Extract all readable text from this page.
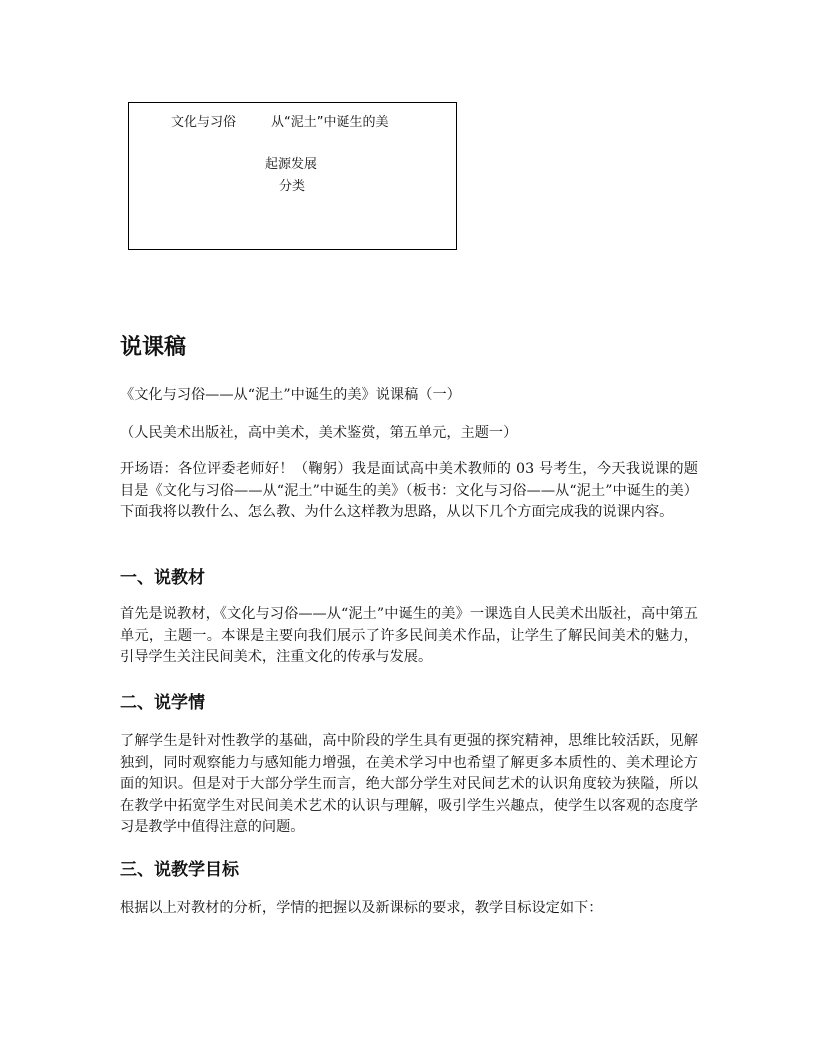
文化与习俗	从“泥土”中诞生的美
起源发展
分类
说课稿

《文化与习俗——从“泥土”中诞生的美》说课稿（一）

（人民美术出版社，高中美术，美术鉴赏，第五单元，主题一）

开场语：各位评委老师好！（鞠躬）我是面试高中美术教师的 03 号考生，今天我说课的题目是《文化与习俗——从“泥土”中诞生的美》（板书：文化与习俗——从“泥土”中诞生的美）下面我将以教什么、怎么教、为什么这样教为思路，从以下几个方面完成我的说课内容。

一、说教材

首先是说教材，《文化与习俗——从“泥土”中诞生的美》一课选自人民美术出版社，高中第五单元，主题一。本课是主要向我们展示了许多民间美术作品，让学生了解民间美术的魅力，引导学生关注民间美术，注重文化的传承与发展。

二、说学情

了解学生是针对性教学的基础，高中阶段的学生具有更强的探究精神，思维比较活跃，见解独到，同时观察能力与感知能力增强，在美术学习中也希望了解更多本质性的、美术理论方面的知识。但是对于大部分学生而言，绝大部分学生对民间艺术的认识角度较为狭隘，所以在教学中拓宽学生对民间美术艺术的认识与理解，吸引学生兴趣点，使学生以客观的态度学习是教学中值得注意的问题。

三、说教学目标

根据以上对教材的分析，学情的把握以及新课标的要求，教学目标设定如下：
